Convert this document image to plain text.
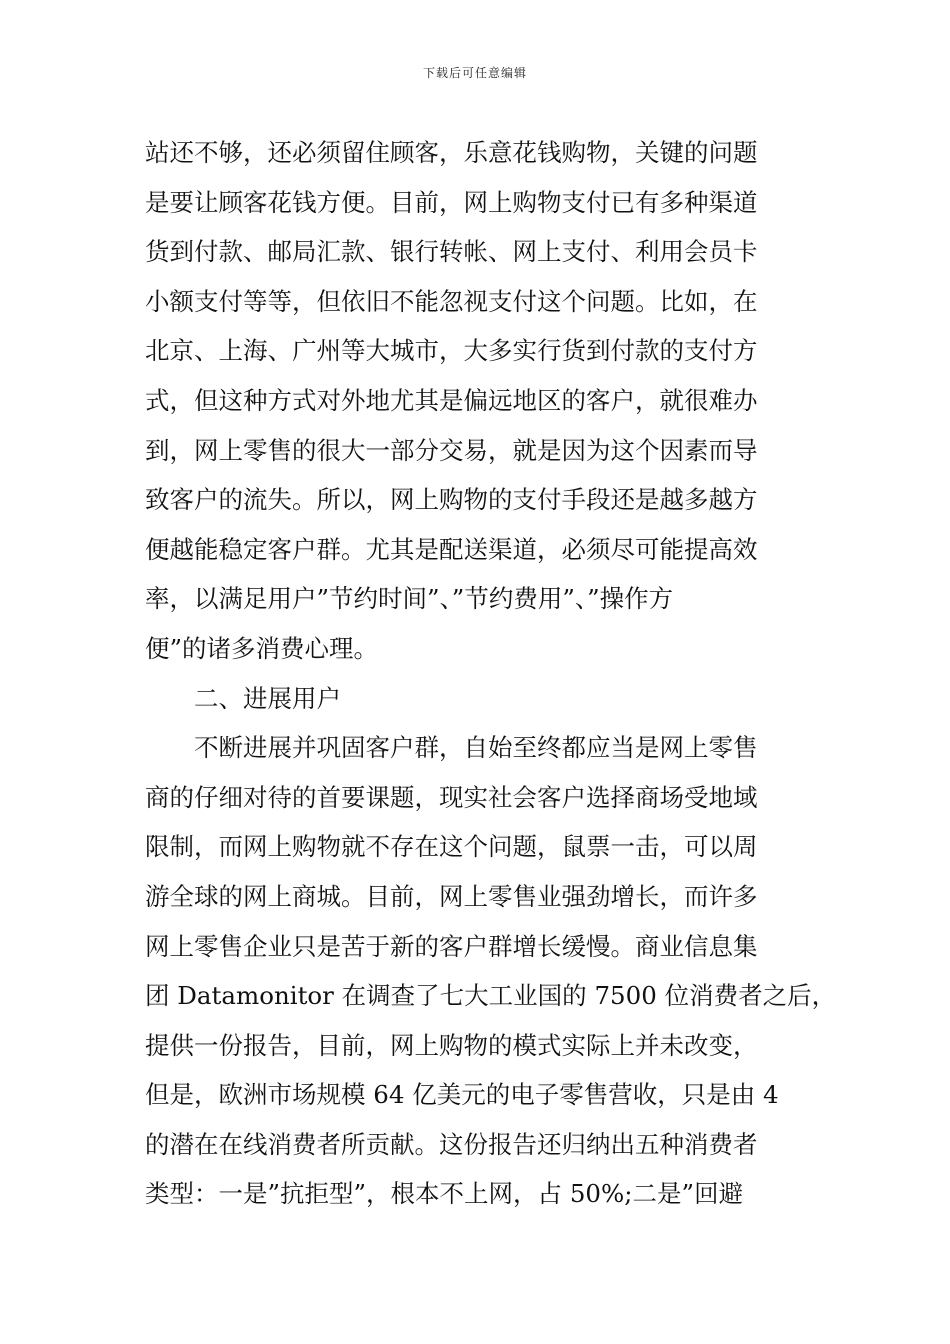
下载后可任意编辑
站还不够，还必须留住顾客，乐意花钱购物，关键的问题
是要让顾客花钱方便。目前，网上购物支付已有多种渠道
货到付款、邮局汇款、银行转帐、网上支付、利用会员卡
小额支付等等，但依旧不能忽视支付这个问题。比如，在
北京、上海、广州等大城市，大多实行货到付款的支付方
式，但这种方式对外地尤其是偏远地区的客户，就很难办
到，网上零售的很大一部分交易，就是因为这个因素而导
致客户的流失。所以，网上购物的支付手段还是越多越方
便越能稳定客户群。尤其是配送渠道，必须尽可能提高效
率，以满足用户”节约时间”、”节约费用”、”操作方
便”的诸多消费心理。
二、进展用户
不断进展并巩固客户群，自始至终都应当是网上零售
商的仔细对待的首要课题，现实社会客户选择商场受地域
限制，而网上购物就不存在这个问题，鼠票一击，可以周
游全球的网上商城。目前，网上零售业强劲增长，而许多
网上零售企业只是苦于新的客户群增长缓慢。商业信息集
团 Datamonitor 在调查了七大工业国的 7500 位消费者之后，
提供一份报告，目前，网上购物的模式实际上并未改变，
但是，欧洲市场规模 64 亿美元的电子零售营收，只是由 4
的潜在在线消费者所贡献。这份报告还归纳出五种消费者
类型：一是”抗拒型”，根本不上网，占 50%;二是”回避
